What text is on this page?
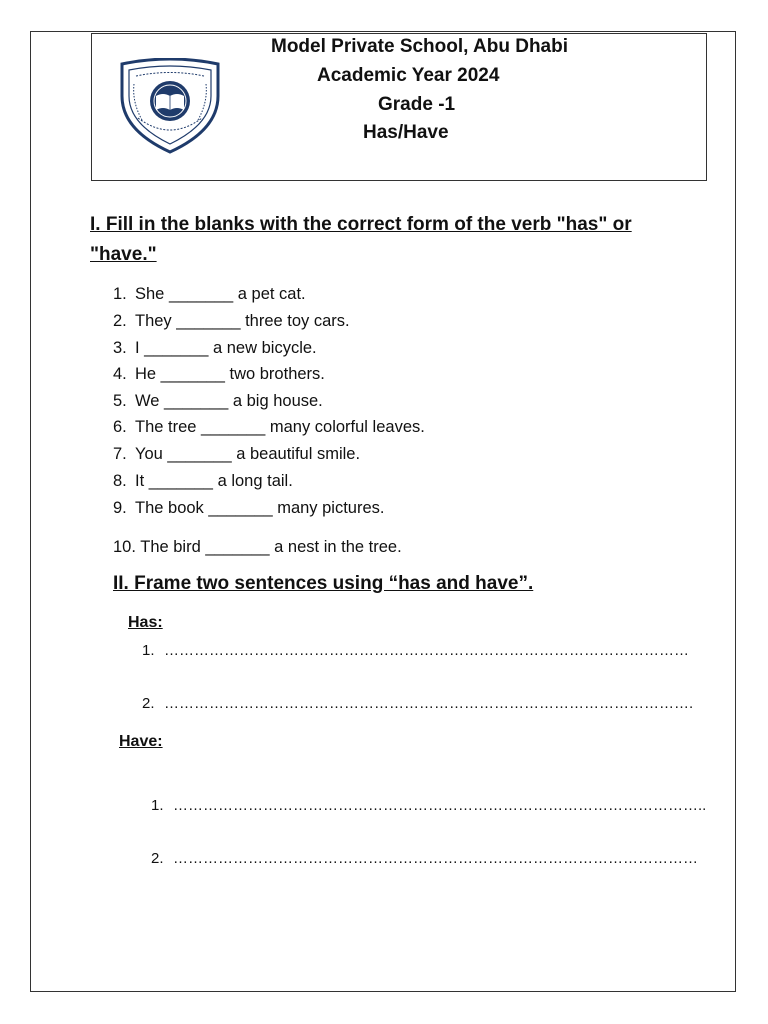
Model Private School, Abu Dhabi
Academic Year 2024
Grade -1
Has/Have
I. Fill in the blanks with the correct form of the verb "has" or
"have."
1. She _______ a pet cat.
2. They _______ three toy cars.
3. I _______ a new bicycle.
4. He _______ two brothers.
5. We _______ a big house.
6. The tree _______ many colorful leaves.
7. You _______ a beautiful smile.
8. It _______ a long tail.
9. The book _______ many pictures.
10. The bird _______ a nest in the tree.
II. Frame two sentences using “has and have”.
Has:
1. ……………………………………………………………………………………………
2. …………………………………………………………………………………………….
Have:
1. ……………………………………………………………………………………………..
2. ……………………………………………………………………………………………
